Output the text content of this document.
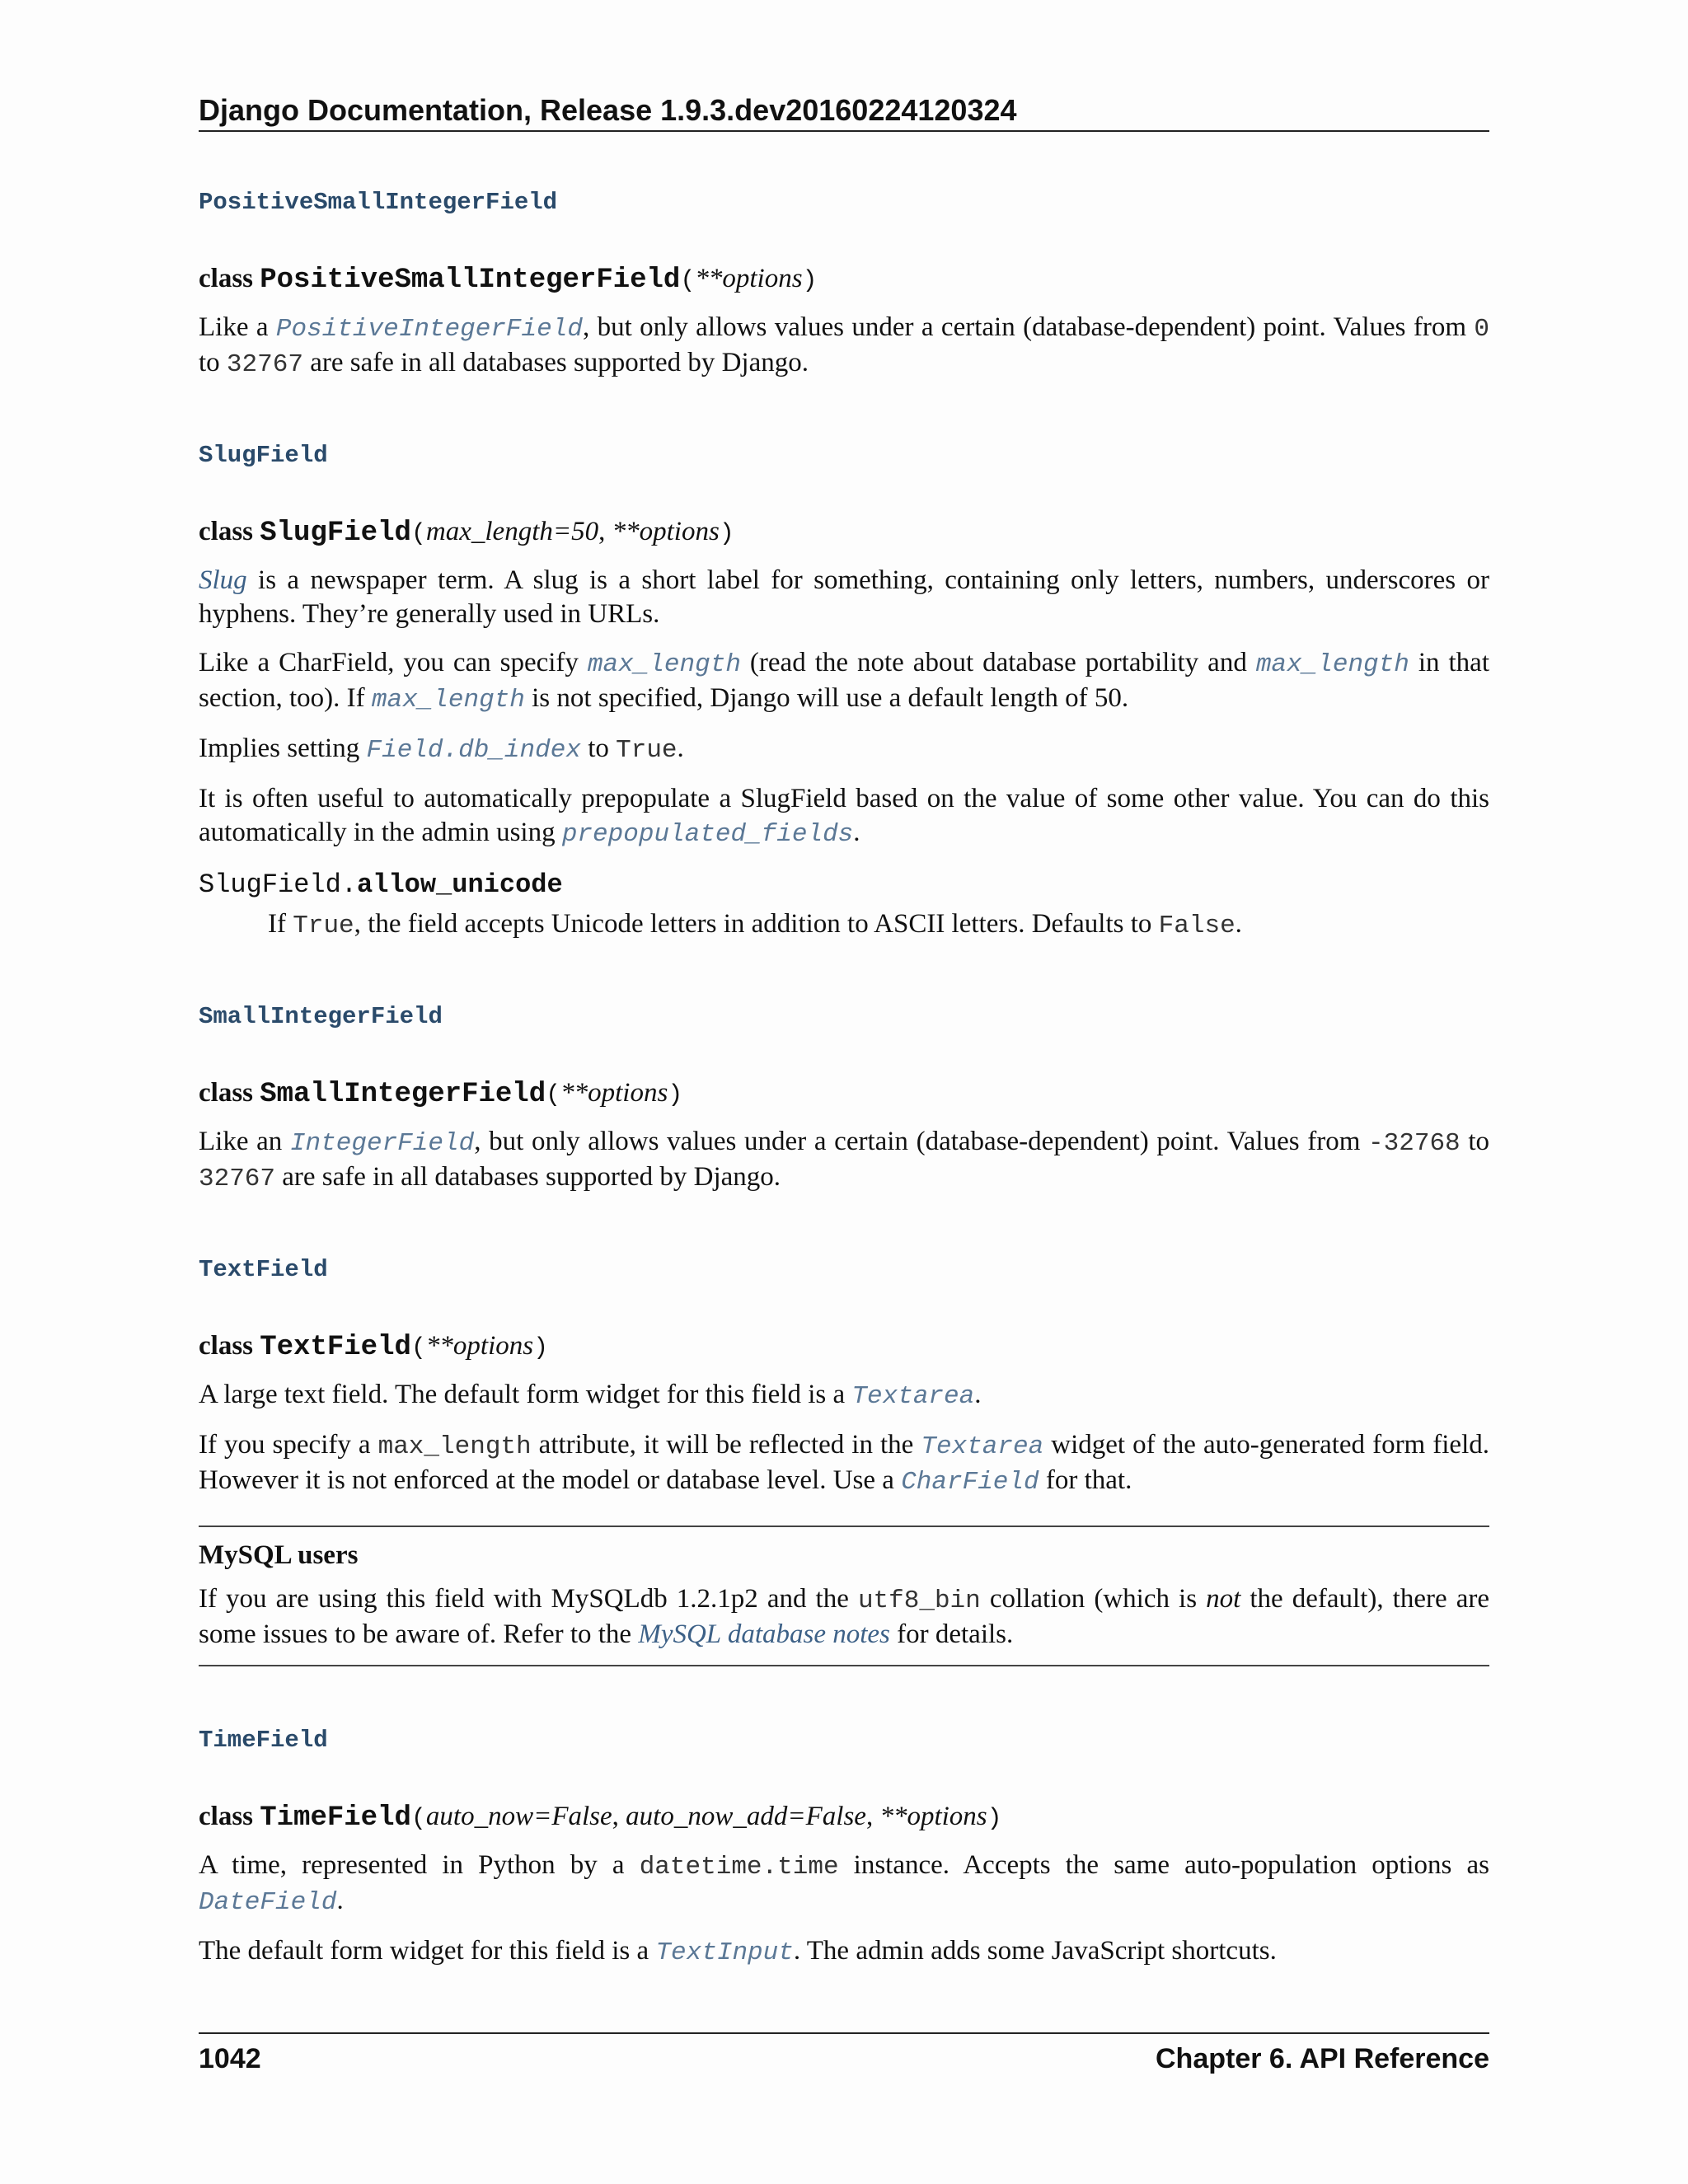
Django Documentation, Release 1.9.3.dev20160224120324
PositiveSmallIntegerField
class PositiveSmallIntegerField(**options)

Like a PositiveIntegerField, but only allows values under a certain (database-dependent) point. Values from 0 to 32767 are safe in all databases supported by Django.

SlugField
class SlugField(max_length=50, **options)

Slug is a newspaper term. A slug is a short label for something, containing only letters, numbers, underscores or hyphens. They’re generally used in URLs.

Like a CharField, you can specify max_length (read the note about database portability and max_length in that section, too). If max_length is not specified, Django will use a default length of 50.

Implies setting Field.db_index to True.

It is often useful to automatically prepopulate a SlugField based on the value of some other value. You can do this automatically in the admin using prepopulated_fields.

SlugField.allow_unicode

If True, the field accepts Unicode letters in addition to ASCII letters. Defaults to False.

SmallIntegerField
class SmallIntegerField(**options)

Like an IntegerField, but only allows values under a certain (database-dependent) point. Values from -32768 to 32767 are safe in all databases supported by Django.

TextField
class TextField(**options)

A large text field. The default form widget for this field is a Textarea.

If you specify a max_length attribute, it will be reflected in the Textarea widget of the auto-generated form field. However it is not enforced at the model or database level. Use a CharField for that.

MySQL users

If you are using this field with MySQLdb 1.2.1p2 and the utf8_bin collation (which is not the default), there are some issues to be aware of. Refer to the MySQL database notes for details.

TimeField
class TimeField(auto_now=False, auto_now_add=False, **options)

A time, represented in Python by a datetime.time instance. Accepts the same auto-population options as DateField.

The default form widget for this field is a TextInput. The admin adds some JavaScript shortcuts.

1042	Chapter 6. API Reference
